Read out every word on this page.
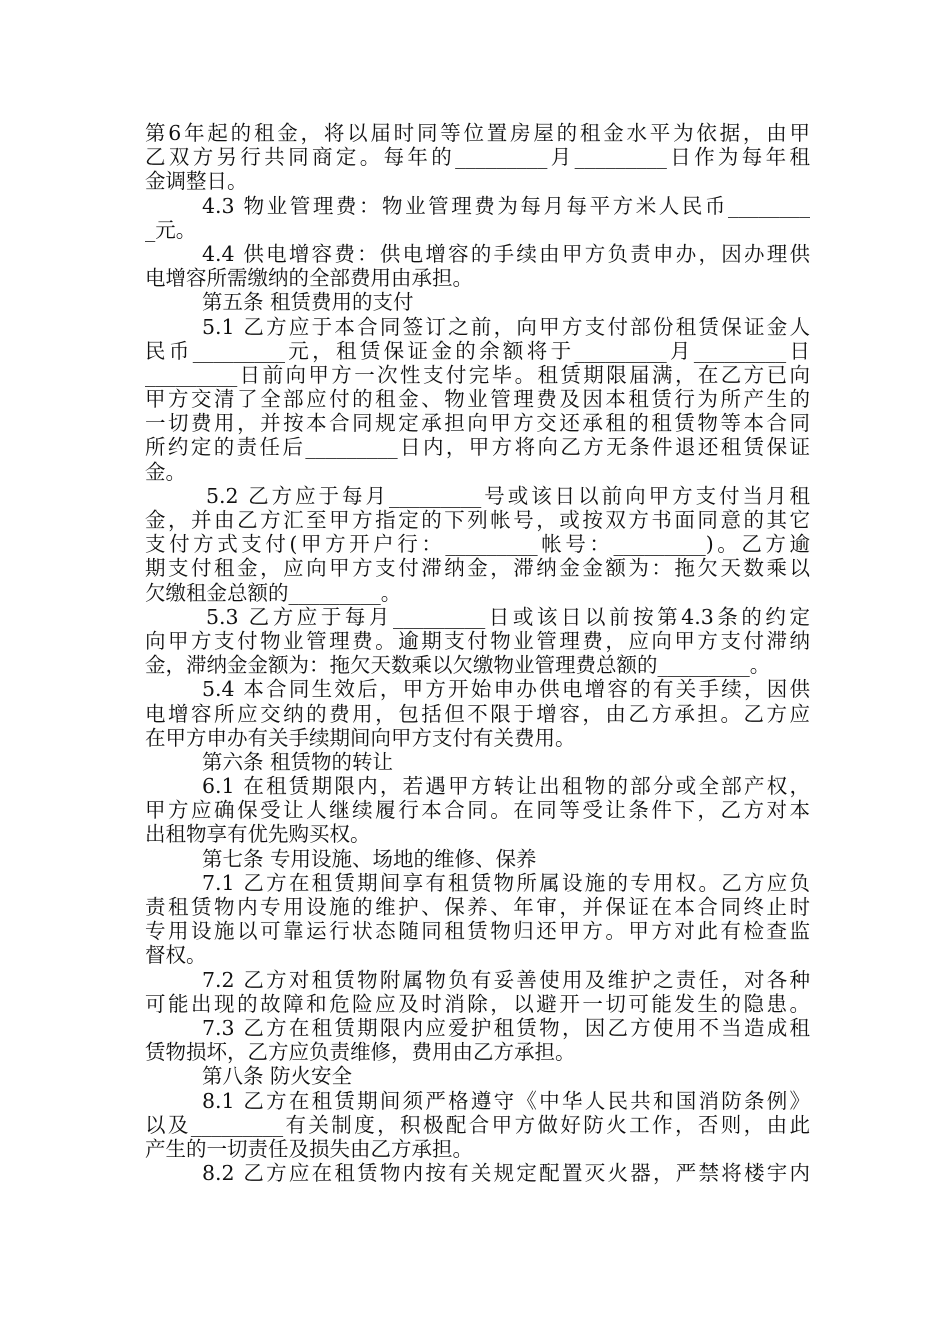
第6年起的租金，将以届时同等位置房屋的租金水平为依据，由甲
乙双方另行共同商定。每年的_________月_________日作为每年租
金调整日。
4.3 物业管理费：物业管理费为每月每平方米人民币________
_元。
4.4 供电增容费：供电增容的手续由甲方负责申办，因办理供
电增容所需缴纳的全部费用由承担。
第五条 租赁费用的支付
5.1 乙方应于本合同签订之前，向甲方支付部份租赁保证金人
民币_________元，租赁保证金的余额将于_________月_________日
_________日前向甲方一次性支付完毕。租赁期限届满，在乙方已向
甲方交清了全部应付的租金、物业管理费及因本租赁行为所产生的
一切费用，并按本合同规定承担向甲方交还承租的租赁物等本合同
所约定的责任后_________日内，甲方将向乙方无条件退还租赁保证
金。
5.2 乙方应于每月_________号或该日以前向甲方支付当月租
金，并由乙方汇至甲方指定的下列帐号，或按双方书面同意的其它
支付方式支付(甲方开户行：_________帐号：_________)。乙方逾
期支付租金，应向甲方支付滞纳金，滞纳金金额为：拖欠天数乘以
欠缴租金总额的_________。
5.3 乙方应于每月_________日或该日以前按第4.3条的约定
向甲方支付物业管理费。逾期支付物业管理费，应向甲方支付滞纳
金，滞纳金金额为：拖欠天数乘以欠缴物业管理费总额的_________。
5.4 本合同生效后，甲方开始申办供电增容的有关手续，因供
电增容所应交纳的费用，包括但不限于增容，由乙方承担。乙方应
在甲方申办有关手续期间向甲方支付有关费用。
第六条 租赁物的转让
6.1 在租赁期限内，若遇甲方转让出租物的部分或全部产权，
甲方应确保受让人继续履行本合同。在同等受让条件下，乙方对本
出租物享有优先购买权。
第七条 专用设施、场地的维修、保养
7.1 乙方在租赁期间享有租赁物所属设施的专用权。乙方应负
责租赁物内专用设施的维护、保养、年审，并保证在本合同终止时
专用设施以可靠运行状态随同租赁物归还甲方。甲方对此有检查监
督权。
7.2 乙方对租赁物附属物负有妥善使用及维护之责任，对各种
可能出现的故障和危险应及时消除，以避开一切可能发生的隐患。
7.3 乙方在租赁期限内应爱护租赁物，因乙方使用不当造成租
赁物损坏，乙方应负责维修，费用由乙方承担。
第八条 防火安全
8.1 乙方在租赁期间须严格遵守《中华人民共和国消防条例》
以及_________有关制度，积极配合甲方做好防火工作，否则，由此
产生的一切责任及损失由乙方承担。
8.2 乙方应在租赁物内按有关规定配置灭火器，严禁将楼宇内
